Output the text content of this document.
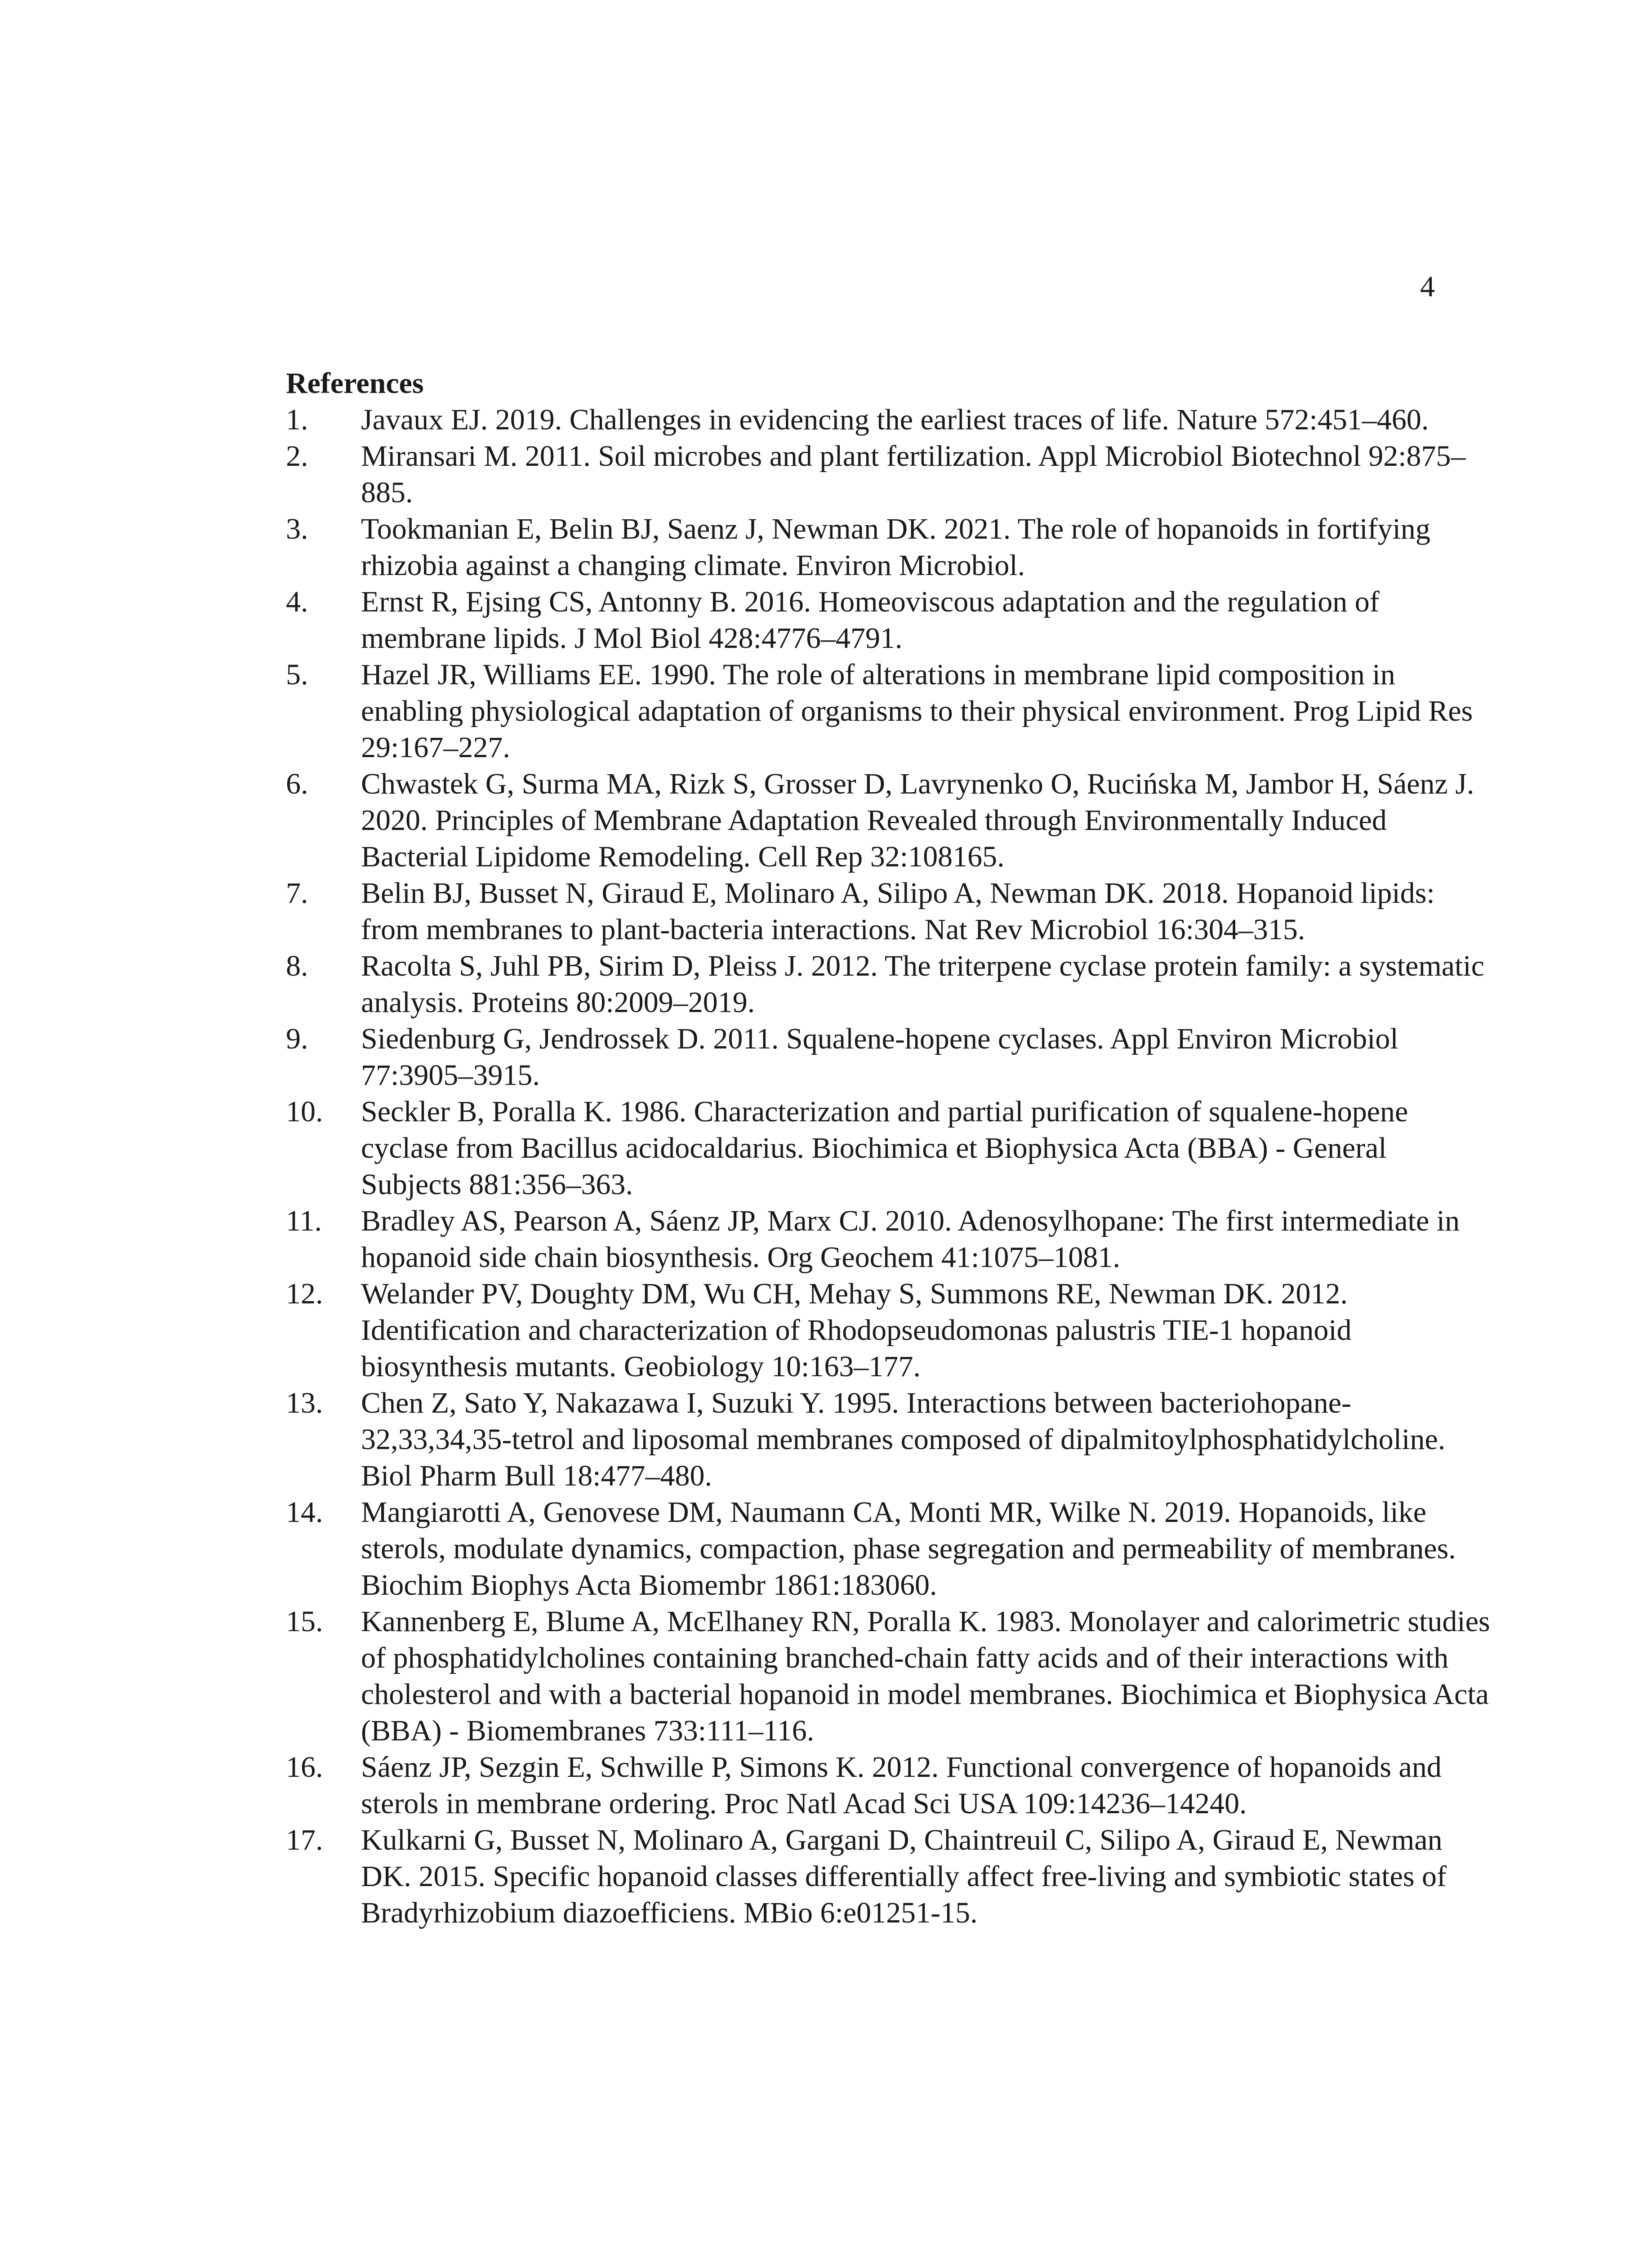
4
References
1. Javaux EJ. 2019. Challenges in evidencing the earliest traces of life. Nature 572:451–460.
2. Miransari M. 2011. Soil microbes and plant fertilization. Appl Microbiol Biotechnol 92:875–885.
3. Tookmanian E, Belin BJ, Saenz J, Newman DK. 2021. The role of hopanoids in fortifying rhizobia against a changing climate. Environ Microbiol.
4. Ernst R, Ejsing CS, Antonny B. 2016. Homeoviscous adaptation and the regulation of membrane lipids. J Mol Biol 428:4776–4791.
5. Hazel JR, Williams EE. 1990. The role of alterations in membrane lipid composition in enabling physiological adaptation of organisms to their physical environment. Prog Lipid Res 29:167–227.
6. Chwastek G, Surma MA, Rizk S, Grosser D, Lavrynenko O, Rucińska M, Jambor H, Sáenz J. 2020. Principles of Membrane Adaptation Revealed through Environmentally Induced Bacterial Lipidome Remodeling. Cell Rep 32:108165.
7. Belin BJ, Busset N, Giraud E, Molinaro A, Silipo A, Newman DK. 2018. Hopanoid lipids: from membranes to plant-bacteria interactions. Nat Rev Microbiol 16:304–315.
8. Racolta S, Juhl PB, Sirim D, Pleiss J. 2012. The triterpene cyclase protein family: a systematic analysis. Proteins 80:2009–2019.
9. Siedenburg G, Jendrossek D. 2011. Squalene-hopene cyclases. Appl Environ Microbiol 77:3905–3915.
10. Seckler B, Poralla K. 1986. Characterization and partial purification of squalene-hopene cyclase from Bacillus acidocaldarius. Biochimica et Biophysica Acta (BBA) - General Subjects 881:356–363.
11. Bradley AS, Pearson A, Sáenz JP, Marx CJ. 2010. Adenosylhopane: The first intermediate in hopanoid side chain biosynthesis. Org Geochem 41:1075–1081.
12. Welander PV, Doughty DM, Wu CH, Mehay S, Summons RE, Newman DK. 2012. Identification and characterization of Rhodopseudomonas palustris TIE-1 hopanoid biosynthesis mutants. Geobiology 10:163–177.
13. Chen Z, Sato Y, Nakazawa I, Suzuki Y. 1995. Interactions between bacteriohopane-32,33,34,35-tetrol and liposomal membranes composed of dipalmitoylphosphatidylcholine. Biol Pharm Bull 18:477–480.
14. Mangiarotti A, Genovese DM, Naumann CA, Monti MR, Wilke N. 2019. Hopanoids, like sterols, modulate dynamics, compaction, phase segregation and permeability of membranes. Biochim Biophys Acta Biomembr 1861:183060.
15. Kannenberg E, Blume A, McElhaney RN, Poralla K. 1983. Monolayer and calorimetric studies of phosphatidylcholines containing branched-chain fatty acids and of their interactions with cholesterol and with a bacterial hopanoid in model membranes. Biochimica et Biophysica Acta (BBA) - Biomembranes 733:111–116.
16. Sáenz JP, Sezgin E, Schwille P, Simons K. 2012. Functional convergence of hopanoids and sterols in membrane ordering. Proc Natl Acad Sci USA 109:14236–14240.
17. Kulkarni G, Busset N, Molinaro A, Gargani D, Chaintreuil C, Silipo A, Giraud E, Newman DK. 2015. Specific hopanoid classes differentially affect free-living and symbiotic states of Bradyrhizobium diazoefficiens. MBio 6:e01251-15.
